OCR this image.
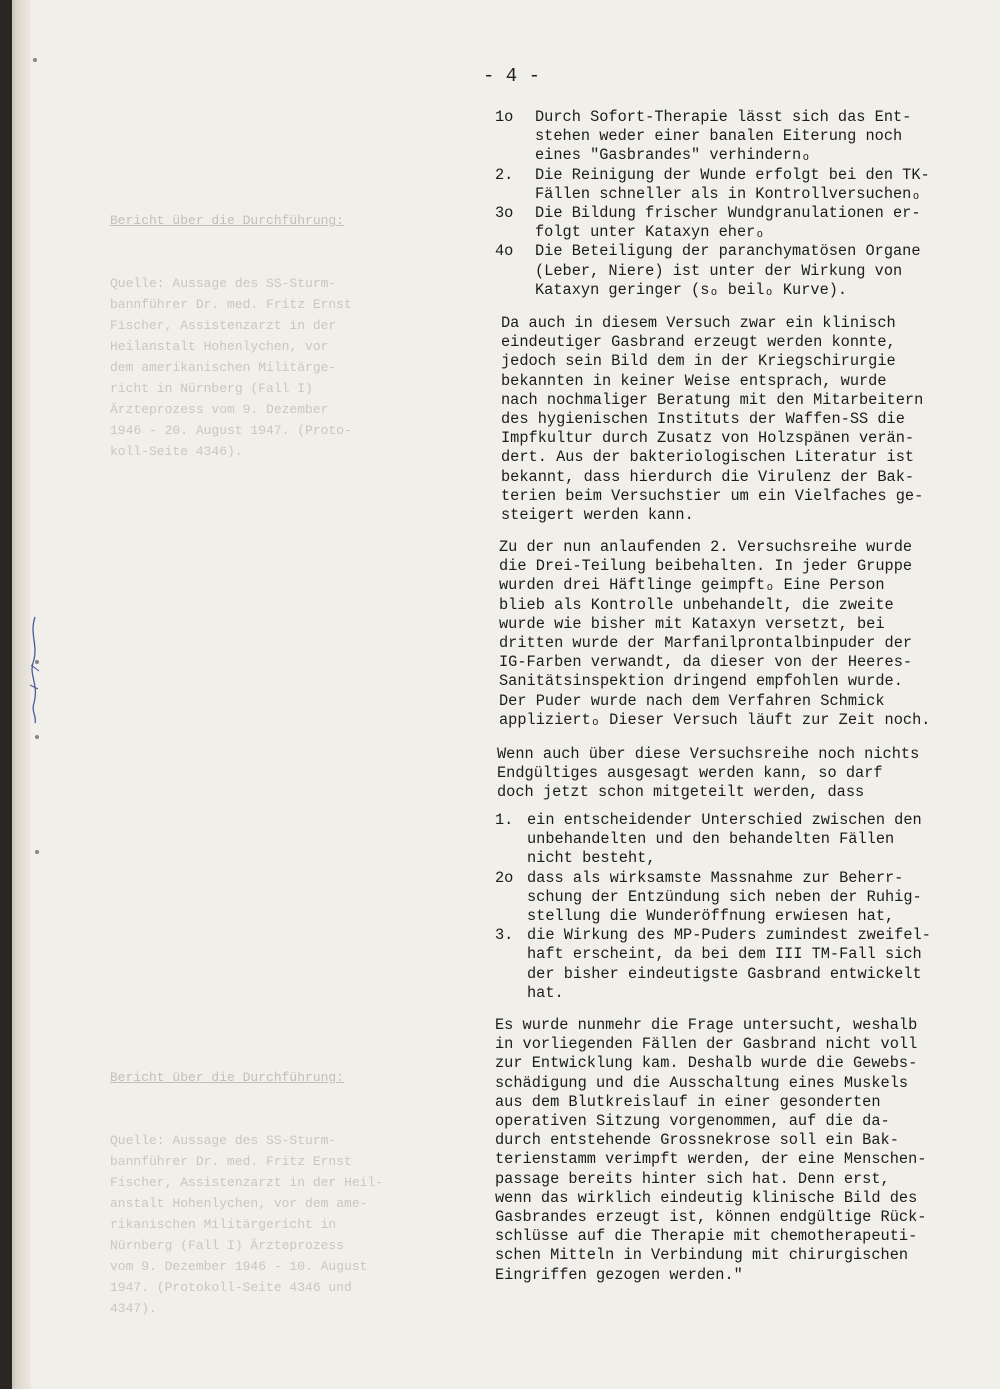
- 4 -

Bericht über die Durchführung:

Quelle: Aussage des SS-Sturm-
bannführer Dr. med. Fritz Ernst
Fischer, Assistenzarzt in der
Heilanstalt Hohenlychen, vor
dem amerikanischen Militärge-
richt in Nürnberg (Fall I)
Ärzteprozess vom 9. Dezember
1946 - 20. August 1947. (Proto-
koll-Seite 4346).

Bericht über die Durchführung:

Quelle: Aussage des SS-Sturm-
bannführer Dr. med. Fritz Ernst
Fischer, Assistenzarzt in der Heil-
anstalt Hohenlychen, vor dem ame-
rikanischen Militärgericht in
Nürnberg (Fall I) Ärzteprozess
vom 9. Dezember 1946 - 10. August
1947. (Protokoll-Seite 4346 und
4347).

1o	Durch Sofort-Therapie lässt sich das Ent-
stehen weder einer banalen Eiterung noch
eines "Gasbrandes" verhindernₒ
2.	Die Reinigung der Wunde erfolgt bei den TK-
Fällen schneller als in Kontrollversuchenₒ
3o	Die Bildung frischer Wundgranulationen er-
folgt unter Kataxyn eherₒ
4o	Die Beteiligung der paranchymatösen Organe
(Leber, Niere) ist unter der Wirkung von
Kataxyn geringer (sₒ beilₒ Kurve).
Da auch in diesem Versuch zwar ein klinisch
eindeutiger Gasbrand erzeugt werden konnte,
jedoch sein Bild dem in der Kriegschirurgie
bekannten in keiner Weise entsprach, wurde
nach nochmaliger Beratung mit den Mitarbeitern
des hygienischen Instituts der Waffen-SS die
Impfkultur durch Zusatz von Holzspänen verän-
dert. Aus der bakteriologischen Literatur ist
bekannt, dass hierdurch die Virulenz der Bak-
terien beim Versuchstier um ein Vielfaches ge-
steigert werden kann.
Zu der nun anlaufenden 2. Versuchsreihe wurde
die Drei-Teilung beibehalten. In jeder Gruppe
wurden drei Häftlinge geimpftₒ Eine Person
blieb als Kontrolle unbehandelt, die zweite
wurde wie bisher mit Kataxyn versetzt, bei
dritten wurde der Marfanilprontalbinpuder der
IG-Farben verwandt, da dieser von der Heeres-
Sanitätsinspektion dringend empfohlen wurde.
Der Puder wurde nach dem Verfahren Schmick
appliziertₒ Dieser Versuch läuft zur Zeit noch.
Wenn auch über diese Versuchsreihe noch nichts
Endgültiges ausgesagt werden kann, so darf
doch jetzt schon mitgeteilt werden, dass
1. ein entscheidender Unterschied zwischen den
unbehandelten und den behandelten Fällen
nicht besteht,
2o dass als wirksamste Massnahme zur Beherr-
schung der Entzündung sich neben der Ruhig-
stellung die Wunderöffnung erwiesen hat,
3. die Wirkung des MP-Puders zumindest zweifel-
haft erscheint, da bei dem III TM-Fall sich
der bisher eindeutigste Gasbrand entwickelt
hat.
Es wurde nunmehr die Frage untersucht, weshalb
in vorliegenden Fällen der Gasbrand nicht voll
zur Entwicklung kam. Deshalb wurde die Gewebs-
schädigung und die Ausschaltung eines Muskels
aus dem Blutkreislauf in einer gesonderten
operativen Sitzung vorgenommen, auf die da-
durch entstehende Grossnekrose soll ein Bak-
terienstamm verimpft werden, der eine Menschen-
passage bereits hinter sich hat. Denn erst,
wenn das wirklich eindeutig klinische Bild des
Gasbrandes erzeugt ist, können endgültige Rück-
schlüsse auf die Therapie mit chemotherapeuti-
schen Mitteln in Verbindung mit chirurgischen
Eingriffen gezogen werden."
